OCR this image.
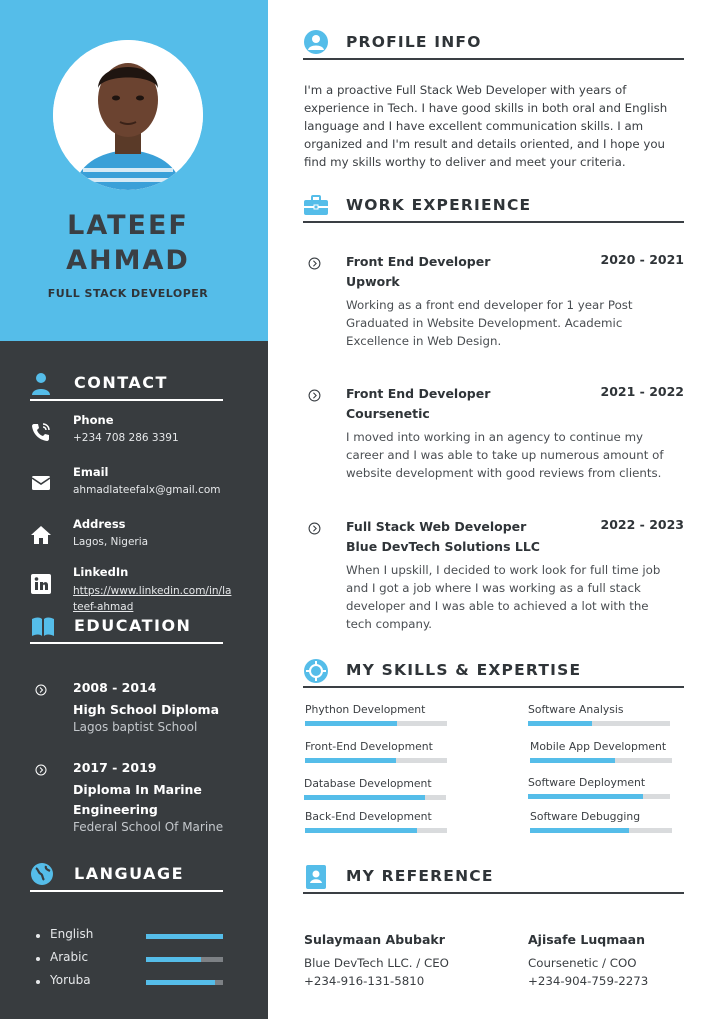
LATEEF
AHMAD
FULL STACK DEVELOPER
CONTACT
Phone
+234 708 286 3391
Email
ahmadlateefalx@gmail.com
Address
Lagos, Nigeria
LinkedIn
https://www.linkedin.com/in/lateef-ahmad
EDUCATION
2008 - 2014
High School Diploma
Lagos baptist School
2017 - 2019
Diploma In Marine Engineering
Federal School Of Marine
LANGUAGE
English
Arabic
Yoruba
PROFILE INFO

I'm a proactive Full Stack Web Developer with years of experience in Tech. I have good skills in both oral and English language and I have excellent communication skills. I am organized and I'm result and details oriented, and I hope you find my skills worthy to deliver and meet your criteria.

WORK EXPERIENCE
Front End Developer
Upwork
2020 - 2021

Working as a front end developer for 1 year Post Graduated in Website Development. Academic Excellence in Web Design.

Front End Developer
Coursenetic
2021 - 2022

I moved into working in an agency to continue my career and I was able to take up numerous amount of website development with good reviews from clients.

Full Stack Web Developer
Blue DevTech Solutions LLC
2022 - 2023

When I upskill, I decided to work look for full time job and I got a job where I was working as a full stack developer and I was able to achieved a lot with the tech company.

MY SKILLS & EXPERTISE
Phython Development	Software Analysis
Front-End Development	Mobile App Development
Database Development	Software Deployment
Back-End Development	Software Debugging
MY REFERENCE
Sulaymaan Abubakr
Blue DevTech LLC. / CEO
+234-916-131-5810
Ajisafe Luqmaan
Coursenetic / COO
+234-904-759-2273
